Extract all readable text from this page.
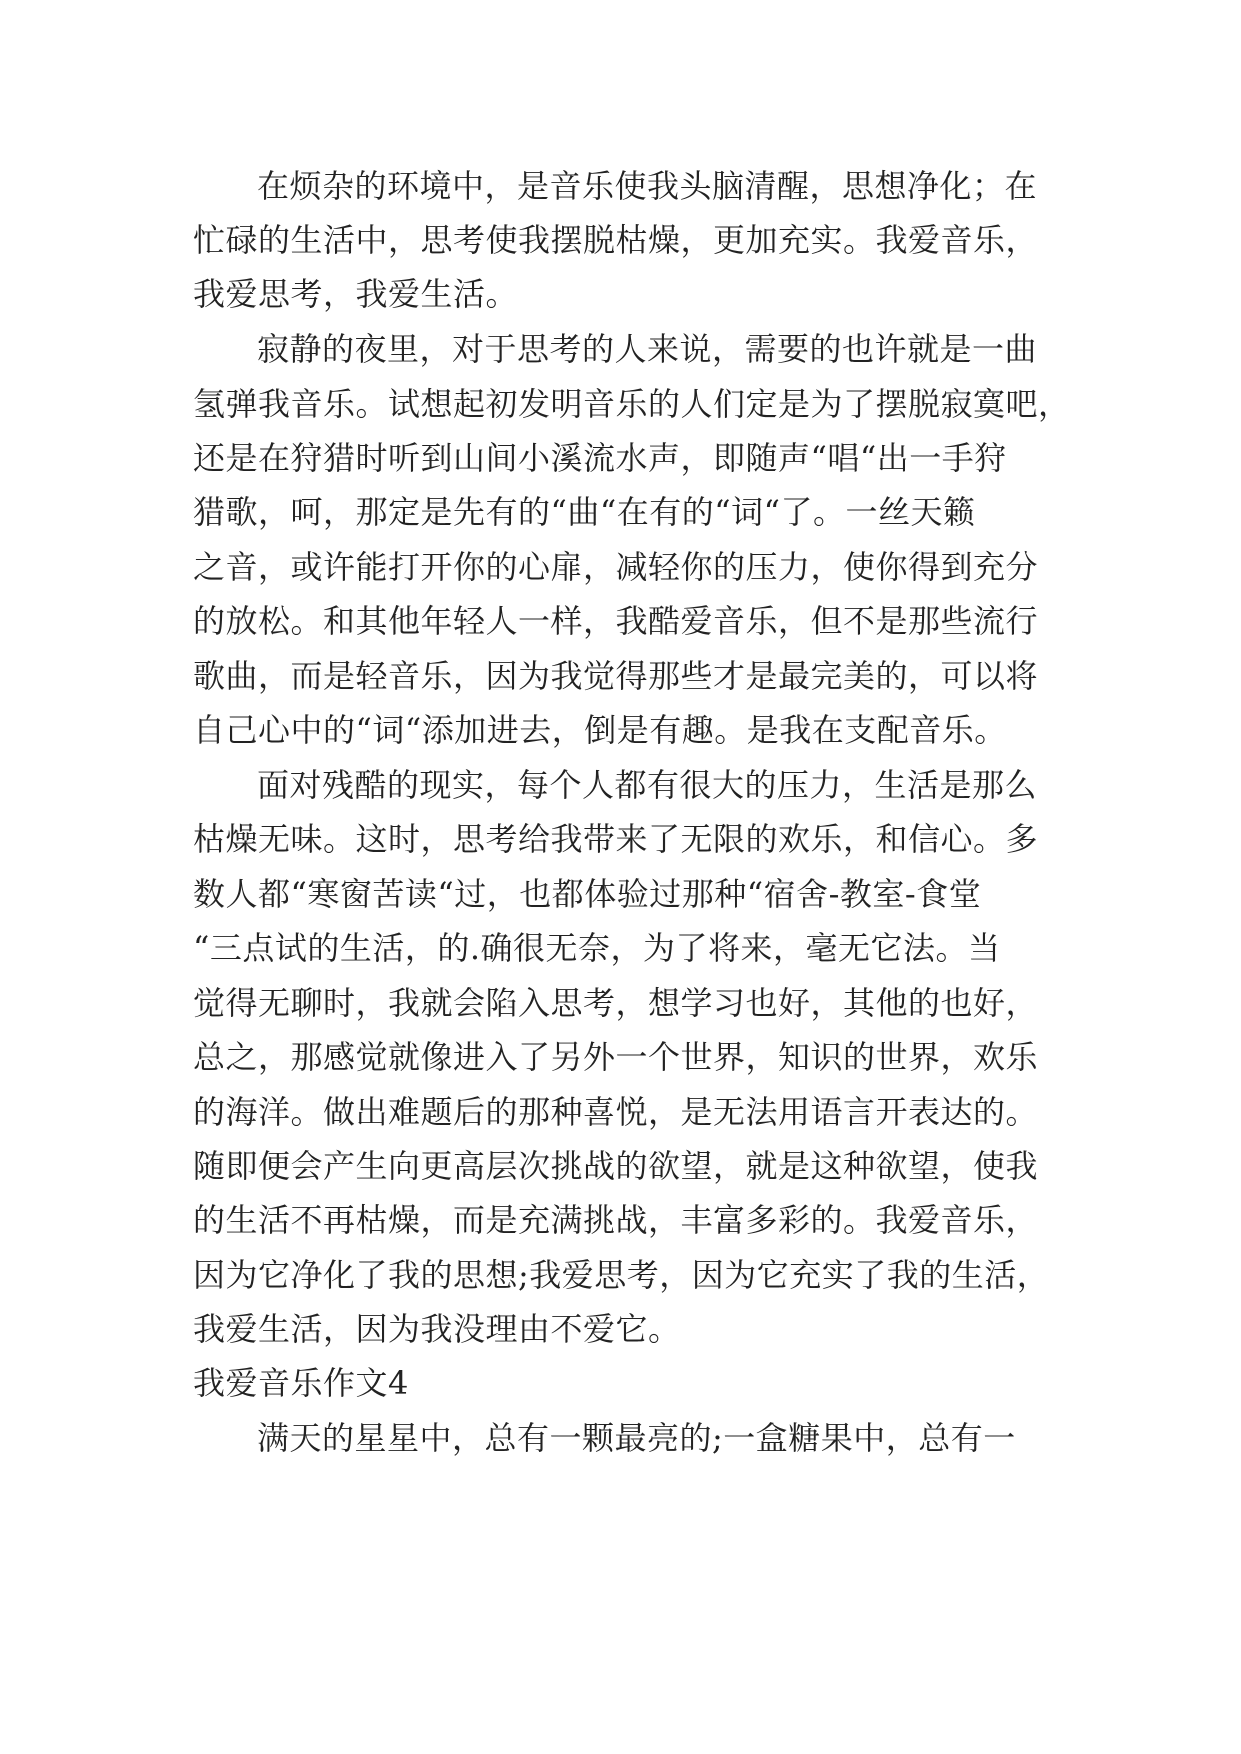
在烦杂的环境中，是音乐使我头脑清醒，思想净化；在
忙碌的生活中，思考使我摆脱枯燥，更加充实。我爱音乐，
我爱思考，我爱生活。
寂静的夜里，对于思考的人来说，需要的也许就是一曲
氢弹我音乐。试想起初发明音乐的人们定是为了摆脱寂寞吧，
还是在狩猎时听到山间小溪流水声，即随声“唱“出一手狩
猎歌，呵，那定是先有的“曲“在有的“词“了。一丝天籁
之音，或许能打开你的心扉，减轻你的压力，使你得到充分
的放松。和其他年轻人一样，我酷爱音乐，但不是那些流行
歌曲，而是轻音乐，因为我觉得那些才是最完美的，可以将
自己心中的“词“添加进去，倒是有趣。是我在支配音乐。
面对残酷的现实，每个人都有很大的压力，生活是那么
枯燥无味。这时，思考给我带来了无限的欢乐，和信心。多
数人都“寒窗苦读“过，也都体验过那种“宿舍-教室-食堂
“三点试的生活，的.确很无奈，为了将来，毫无它法。当
觉得无聊时，我就会陷入思考，想学习也好，其他的也好，
总之，那感觉就像进入了另外一个世界，知识的世界，欢乐
的海洋。做出难题后的那种喜悦，是无法用语言开表达的。
随即便会产生向更高层次挑战的欲望，就是这种欲望，使我
的生活不再枯燥，而是充满挑战，丰富多彩的。我爱音乐，
因为它净化了我的思想;我爱思考，因为它充实了我的生活，
我爱生活，因为我没理由不爱它。
我爱音乐作文4
满天的星星中，总有一颗最亮的;一盒糖果中，总有一
